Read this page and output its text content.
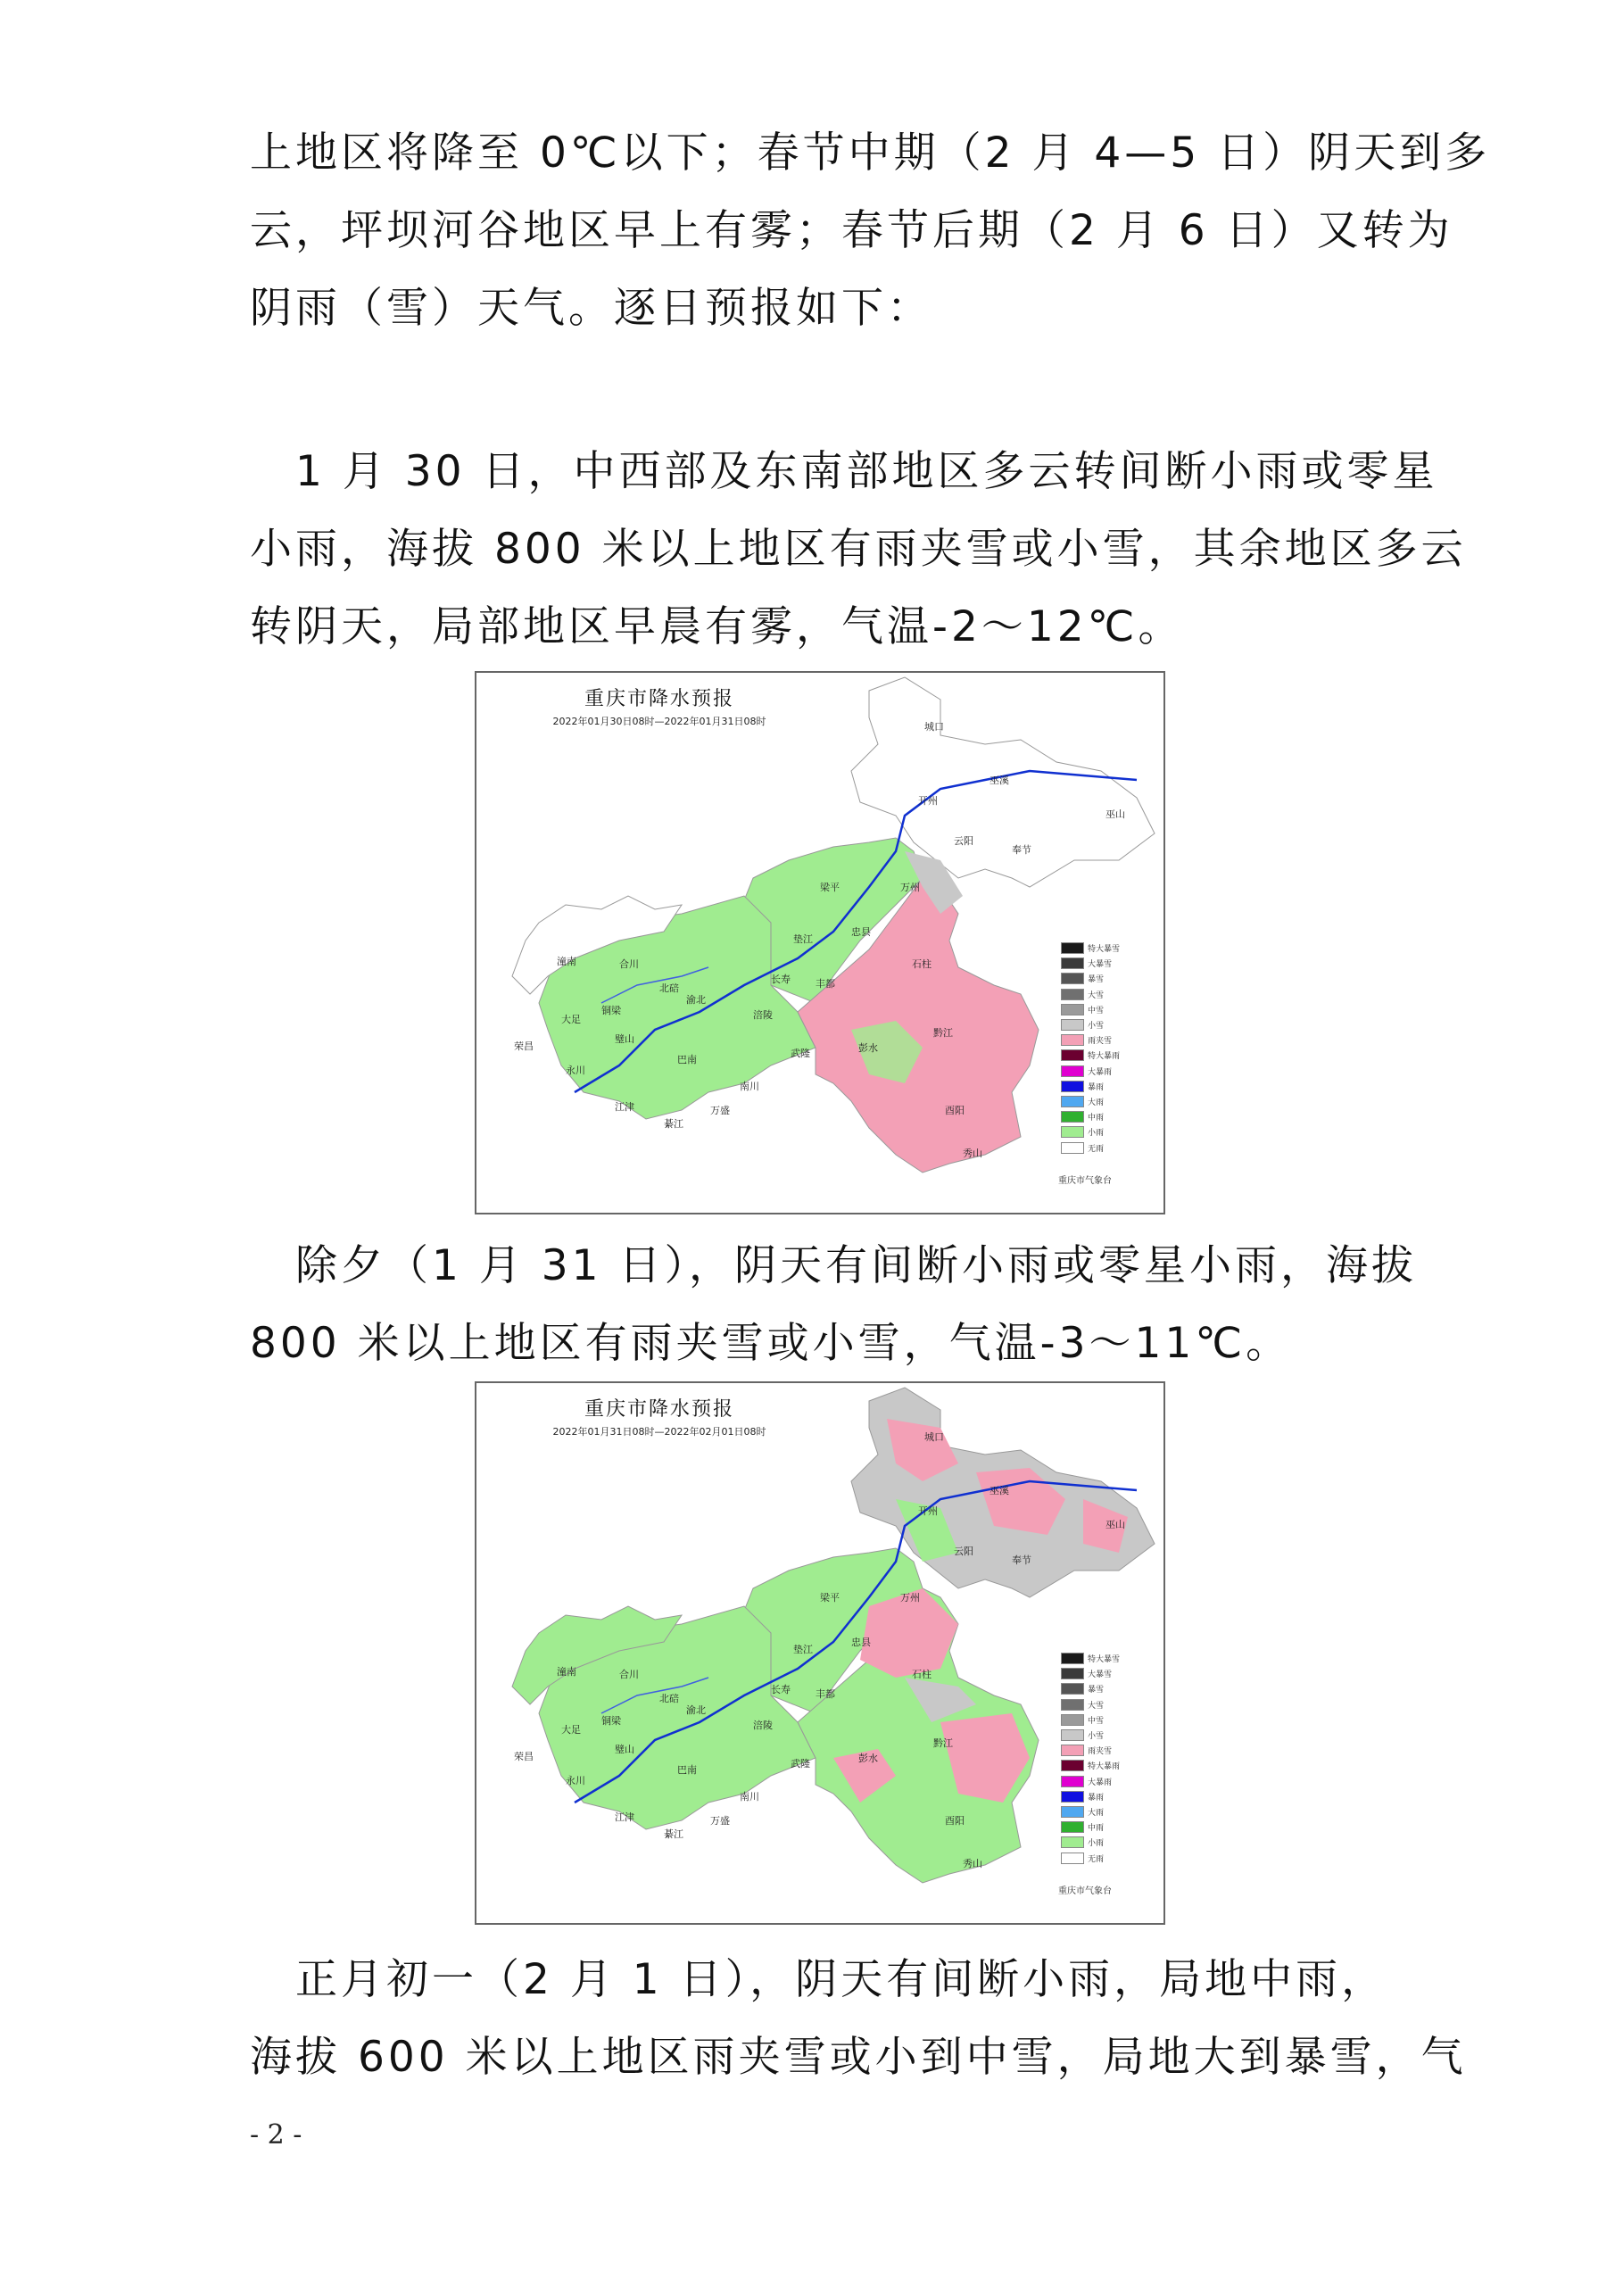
上地区将降至 0℃以下；春节中期（2 月 4—5 日）阴天到多
云，坪坝河谷地区早上有雾；春节后期（2 月 6 日）又转为
阴雨（雪）天气。逐日预报如下：
　1 月 30 日，中西部及东南部地区多云转间断小雨或零星
小雨，海拔 800 米以上地区有雨夹雪或小雪，其余地区多云
转阴天，局部地区早晨有雾，气温-2～12℃。
重庆市降水预报
2022年01月30日08时—2022年01月31日08时	城口
巫溪
巫山
开州
云阳
奉节
梁平	万州
垫江
忠县
石柱
长寿	丰都
潼南	合川
北碚
渝北
大足
铜梁
璧山
荣昌
永川
江津
巴南
涪陵
武隆	彭水
黔江
南川
万盛
綦江
酉阳
秀山
特大暴雪
大暴雪
暴雪
大雪
中雪
小雪
雨夹雪
特大暴雨
大暴雨
暴雨
大雨
中雨
小雨
无雨
重庆市气象台
　除夕（1 月 31 日），阴天有间断小雨或零星小雨，海拔
800 米以上地区有雨夹雪或小雪，气温-3～11℃。
重庆市降水预报
2022年01月31日08时—2022年02月01日08时	城口
巫溪
巫山
开州
云阳
奉节
梁平	万州
垫江
忠县
石柱
长寿	丰都
潼南	合川
北碚
渝北
大足
铜梁
璧山
荣昌
永川
江津
巴南
涪陵
武隆	彭水
黔江
南川
万盛
綦江
酉阳
秀山
特大暴雪
大暴雪
暴雪
大雪
中雪
小雪
雨夹雪
特大暴雨
大暴雨
暴雨
大雨
中雨
小雨
无雨
重庆市气象台
　正月初一（2 月 1 日），阴天有间断小雨，局地中雨，
海拔 600 米以上地区雨夹雪或小到中雪，局地大到暴雪，气
- 2 -
